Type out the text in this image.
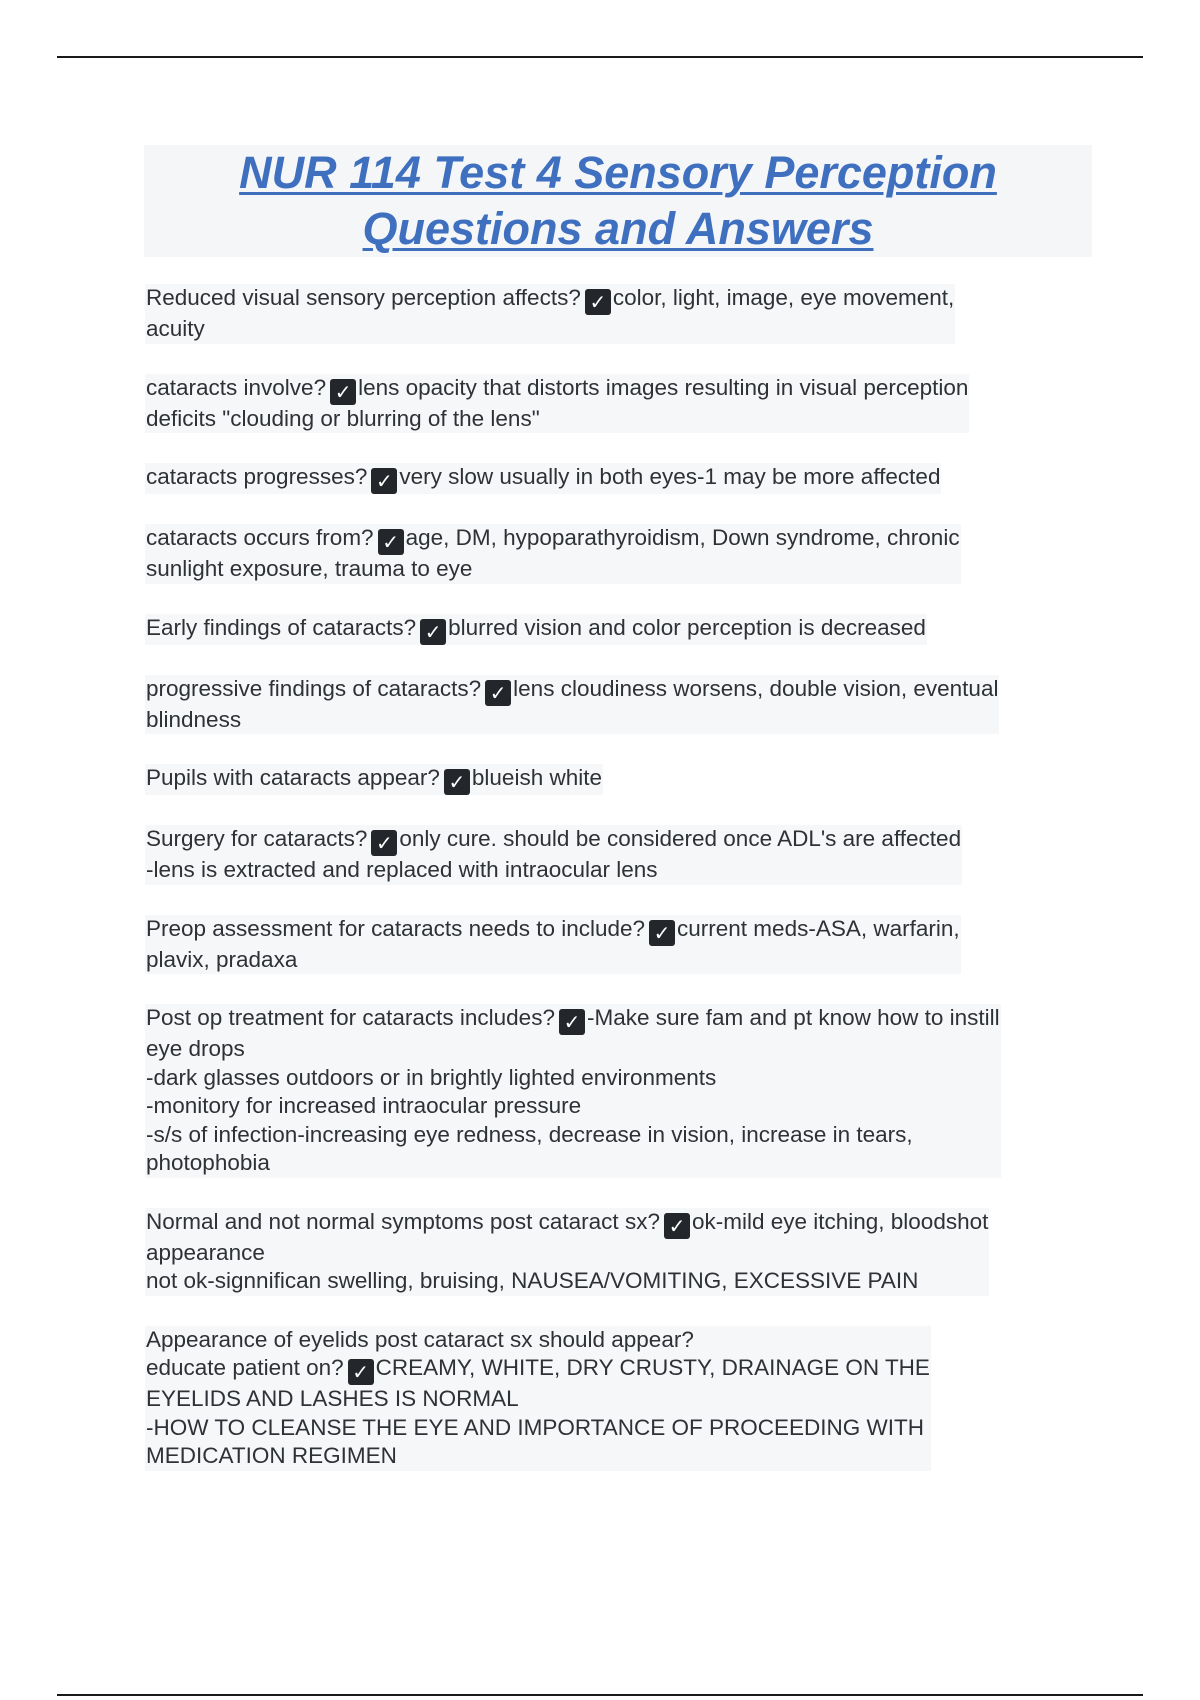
NUR 114 Test 4 Sensory Perception
Questions and Answers
Reduced visual sensory perception affects? ✓ color, light, image, eye movement,
acuity
cataracts involve? ✓ lens opacity that distorts images resulting in visual perception
deficits "clouding or blurring of the lens"
cataracts progresses? ✓ very slow usually in both eyes-1 may be more affected
cataracts occurs from? ✓ age, DM, hypoparathyroidism, Down syndrome, chronic
sunlight exposure, trauma to eye
Early findings of cataracts? ✓ blurred vision and color perception is decreased
progressive findings of cataracts? ✓ lens cloudiness worsens, double vision, eventual
blindness
Pupils with cataracts appear? ✓ blueish white
Surgery for cataracts? ✓ only cure. should be considered once ADL's are affected
-lens is extracted and replaced with intraocular lens
Preop assessment for cataracts needs to include? ✓ current meds-ASA, warfarin,
plavix, pradaxa
Post op treatment for cataracts includes? ✓ -Make sure fam and pt know how to instill
eye drops
-dark glasses outdoors or in brightly lighted environments
-monitory for increased intraocular pressure
-s/s of infection-increasing eye redness, decrease in vision, increase in tears,
photophobia
Normal and not normal symptoms post cataract sx? ✓ ok-mild eye itching, bloodshot
appearance
not ok-signnifican swelling, bruising, NAUSEA/VOMITING, EXCESSIVE PAIN
Appearance of eyelids post cataract sx should appear?
educate patient on? ✓ CREAMY, WHITE, DRY CRUSTY, DRAINAGE ON THE
EYELIDS AND LASHES IS NORMAL
-HOW TO CLEANSE THE EYE AND IMPORTANCE OF PROCEEDING WITH
MEDICATION REGIMEN
